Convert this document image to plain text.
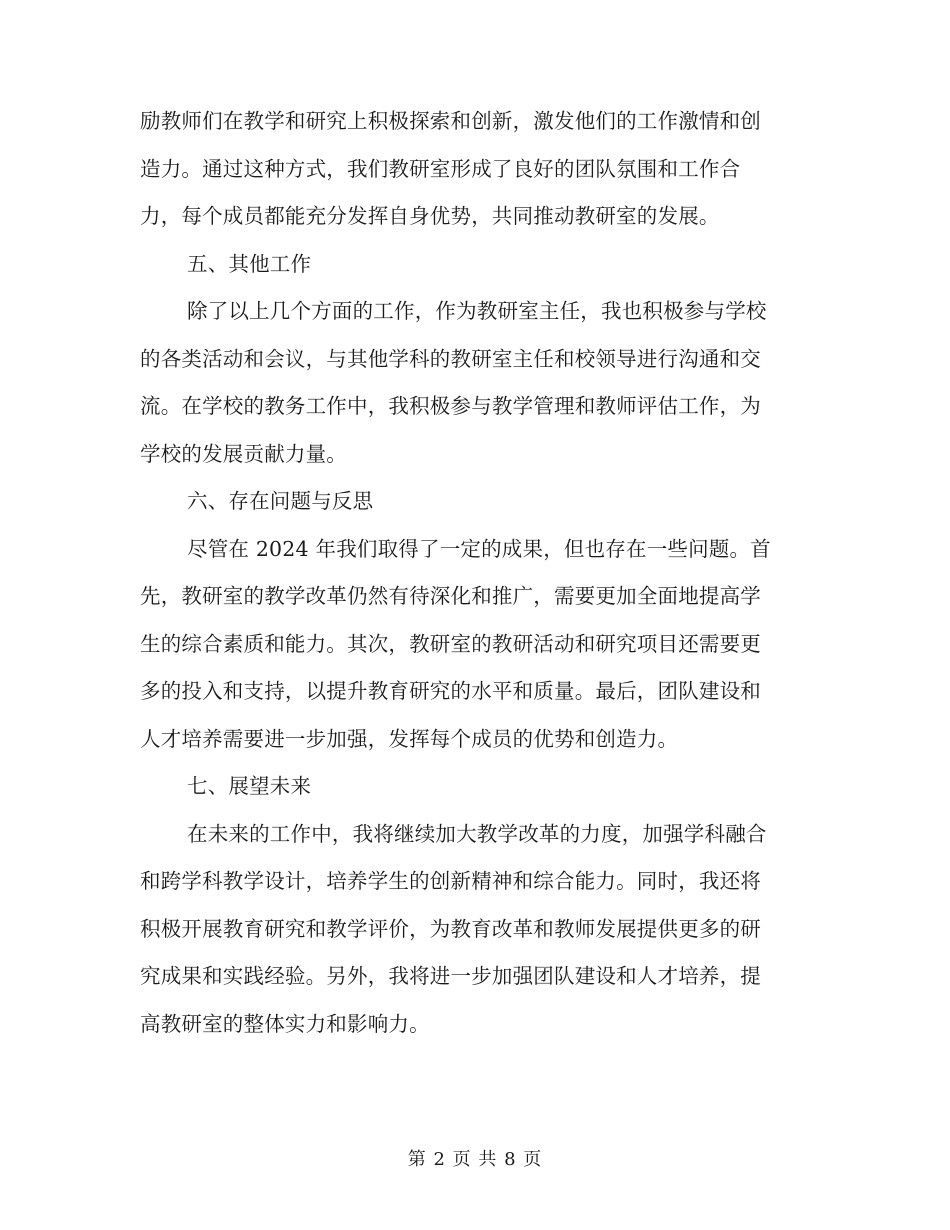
励教师们在教学和研究上积极探索和创新，激发他们的工作激情和创
造力。通过这种方式，我们教研室形成了良好的团队氛围和工作合
力，每个成员都能充分发挥自身优势，共同推动教研室的发展。
五、其他工作
除了以上几个方面的工作，作为教研室主任，我也积极参与学校
的各类活动和会议，与其他学科的教研室主任和校领导进行沟通和交
流。在学校的教务工作中，我积极参与教学管理和教师评估工作，为
学校的发展贡献力量。
六、存在问题与反思
尽管在 2024 年我们取得了一定的成果，但也存在一些问题。首
先，教研室的教学改革仍然有待深化和推广，需要更加全面地提高学
生的综合素质和能力。其次，教研室的教研活动和研究项目还需要更
多的投入和支持，以提升教育研究的水平和质量。最后，团队建设和
人才培养需要进一步加强，发挥每个成员的优势和创造力。
七、展望未来
在未来的工作中，我将继续加大教学改革的力度，加强学科融合
和跨学科教学设计，培养学生的创新精神和综合能力。同时，我还将
积极开展教育研究和教学评价，为教育改革和教师发展提供更多的研
究成果和实践经验。另外，我将进一步加强团队建设和人才培养，提
高教研室的整体实力和影响力。
第 2 页 共 8 页
